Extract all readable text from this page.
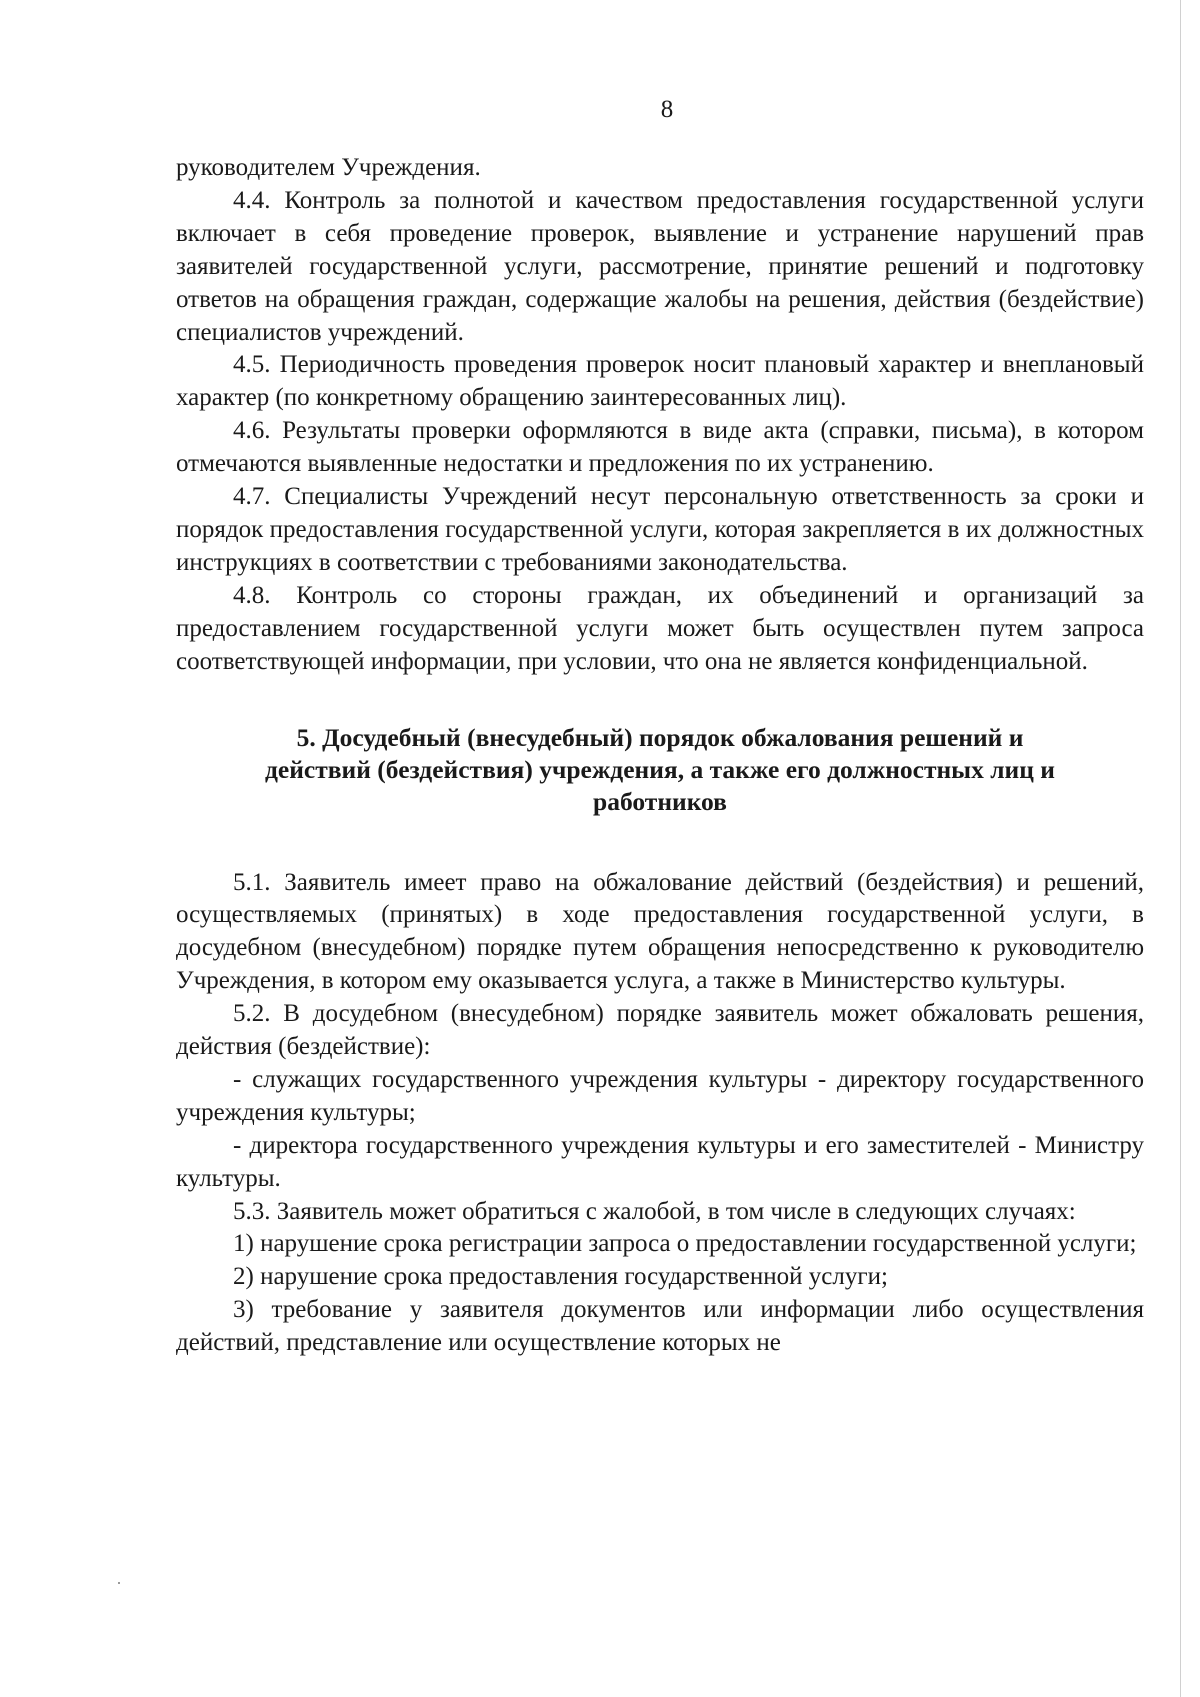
8

руководителем Учреждения.

4.4. Контроль за полнотой и качеством предоставления государственной услуги включает в себя проведение проверок, выявление и устранение нарушений прав заявителей государственной услуги, рассмотрение, принятие решений и подготовку ответов на обращения граждан, содержащие жалобы на решения, действия (бездействие) специалистов учреждений.

4.5. Периодичность проведения проверок носит плановый характер и внеплановый характер (по конкретному обращению заинтересованных лиц).

4.6. Результаты проверки оформляются в виде акта (справки, письма), в котором отмечаются выявленные недостатки и предложения по их устранению.

4.7. Специалисты Учреждений несут персональную ответственность за сроки и порядок предоставления государственной услуги, которая закрепляется в их должностных инструкциях в соответствии с требованиями законодательства.

4.8. Контроль со стороны граждан, их объединений и организаций за предоставлением государственной услуги может быть осуществлен путем запроса соответствующей информации, при условии, что она не является конфиденциальной.

5. Досудебный (внесудебный) порядок обжалования решений и
действий (бездействия) учреждения, а также его должностных лиц и
работников

5.1. Заявитель имеет право на обжалование действий (бездействия) и решений, осуществляемых (принятых) в ходе предоставления государственной услуги, в досудебном (внесудебном) порядке путем обращения непосредственно к руководителю Учреждения, в котором ему оказывается услуга, а также в Министерство культуры.

5.2. В досудебном (внесудебном) порядке заявитель может обжаловать решения, действия (бездействие):

- служащих государственного учреждения культуры - директору государственного учреждения культуры;

- директора государственного учреждения культуры и его заместителей - Министру культуры.

5.3. Заявитель может обратиться с жалобой, в том числе в следующих случаях:

1) нарушение срока регистрации запроса о предоставлении государственной услуги;

2) нарушение срока предоставления государственной услуги;

3) требование у заявителя документов или информации либо осуществления действий, представление или осуществление которых не
